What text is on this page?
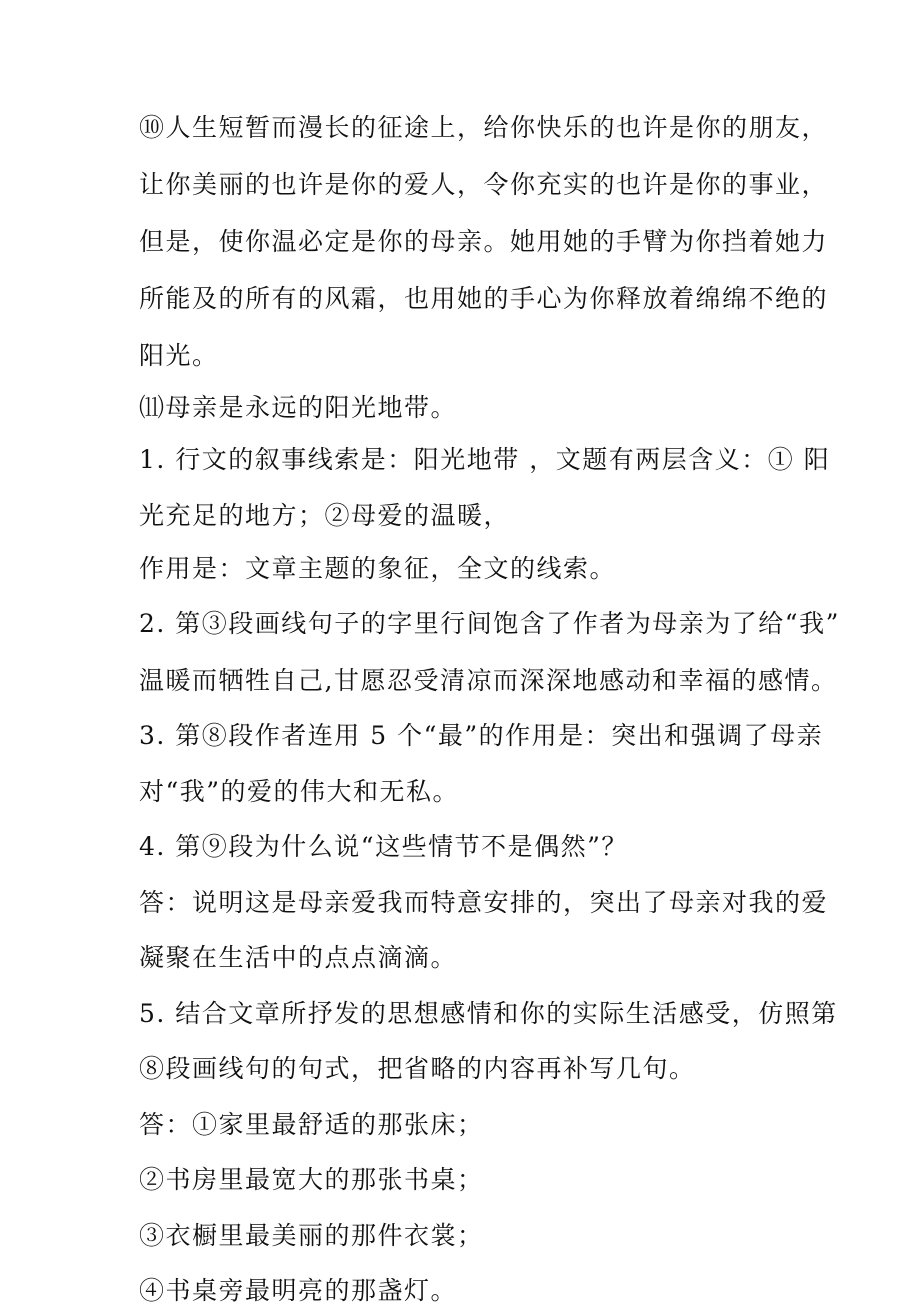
⑩人生短暂而漫长的征途上，给你快乐的也许是你的朋友，
让你美丽的也许是你的爱人，令你充实的也许是你的事业，
但是，使你温必定是你的母亲。她用她的手臂为你挡着她力
所能及的所有的风霜，也用她的手心为你释放着绵绵不绝的
阳光。
⑾母亲是永远的阳光地带。
1. 行文的叙事线索是：阳光地带 ，文题有两层含义：① 阳
光充足的地方；②母爱的温暖，
作用是：文章主题的象征，全文的线索。
2. 第③段画线句子的字里行间饱含了作者为母亲为了给“我”
温暖而牺牲自己,甘愿忍受清凉而深深地感动和幸福的感情。
3. 第⑧段作者连用 5 个“最”的作用是：突出和强调了母亲
对“我”的爱的伟大和无私。
4. 第⑨段为什么说“这些情节不是偶然”？
答：说明这是母亲爱我而特意安排的，突出了母亲对我的爱
凝聚在生活中的点点滴滴。
5. 结合文章所抒发的思想感情和你的实际生活感受，仿照第
⑧段画线句的句式，把省略的内容再补写几句。
答：①家里最舒适的那张床；
②书房里最宽大的那张书桌；
③衣橱里最美丽的那件衣裳；
④书桌旁最明亮的那盏灯。
